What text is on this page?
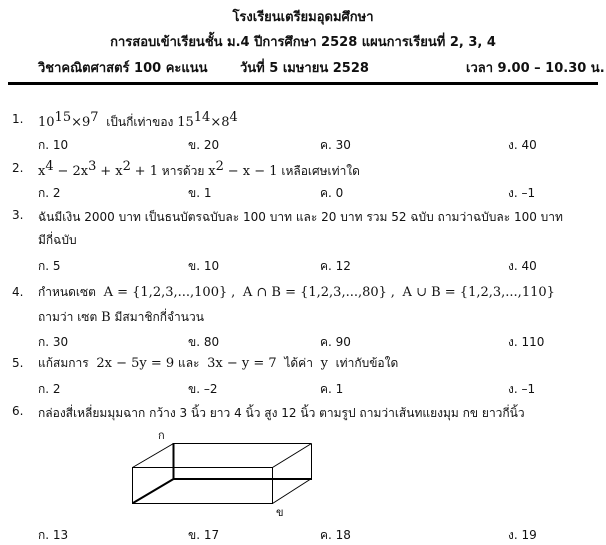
โรงเรียนเตรียมอุดมศึกษา
การสอบเข้าเรียนชั้น ม.4 ปีการศึกษา 2528 แผนการเรียนที่ 2, 3, 4
วิชาคณิตศาสตร์ 100 คะแนน วันที่ 5 เมษายน 2528	เวลา 9.00 – 10.30 น.
1. $10^{15}\times 9^7$ เป็นกี่เท่าของ $15^{14}\times 8^4$
ก. 10	ข. 20	ค. 30	ง. 40
2. $x^4 - 2x^3 + x^2 + 1$ หารด้วย $x^2 - x - 1$ เหลือเศษเท่าใด
ก. 2	ข. 1	ค. 0	ง. –1
3. ฉันมีเงิน 2000 บาท เป็นธนบัตรฉบับละ 100 บาท และ 20 บาท รวม 52 ฉบับ ถามว่าฉบับละ 100 บาท
มีกี่ฉบับ
ก. 5	ข. 10	ค. 12	ง. 40
4. กำหนดเซต A = {1,2,3,...,100} , A ∩ B = {1,2,3,...,80} , A ∪ B = {1,2,3,...,110}
ถามว่า เซต B มีสมาชิกกี่จำนวน
ก. 30	ข. 80	ค. 90	ง. 110
5. แก้สมการ 2x − 5y = 9 และ 3x − y = 7 ได้ค่า y เท่ากับข้อใด
ก. 2	ข. –2	ค. 1	ง. –1
6. กล่องสี่เหลี่ยมมุมฉาก กว้าง 3 นิ้ว ยาว 4 นิ้ว สูง 12 นิ้ว ตามรูป ถามว่าเส้นทแยงมุม กข ยาวกี่นิ้ว
ก
ข
ก. 13	ข. 17	ค. 18	ง. 19
